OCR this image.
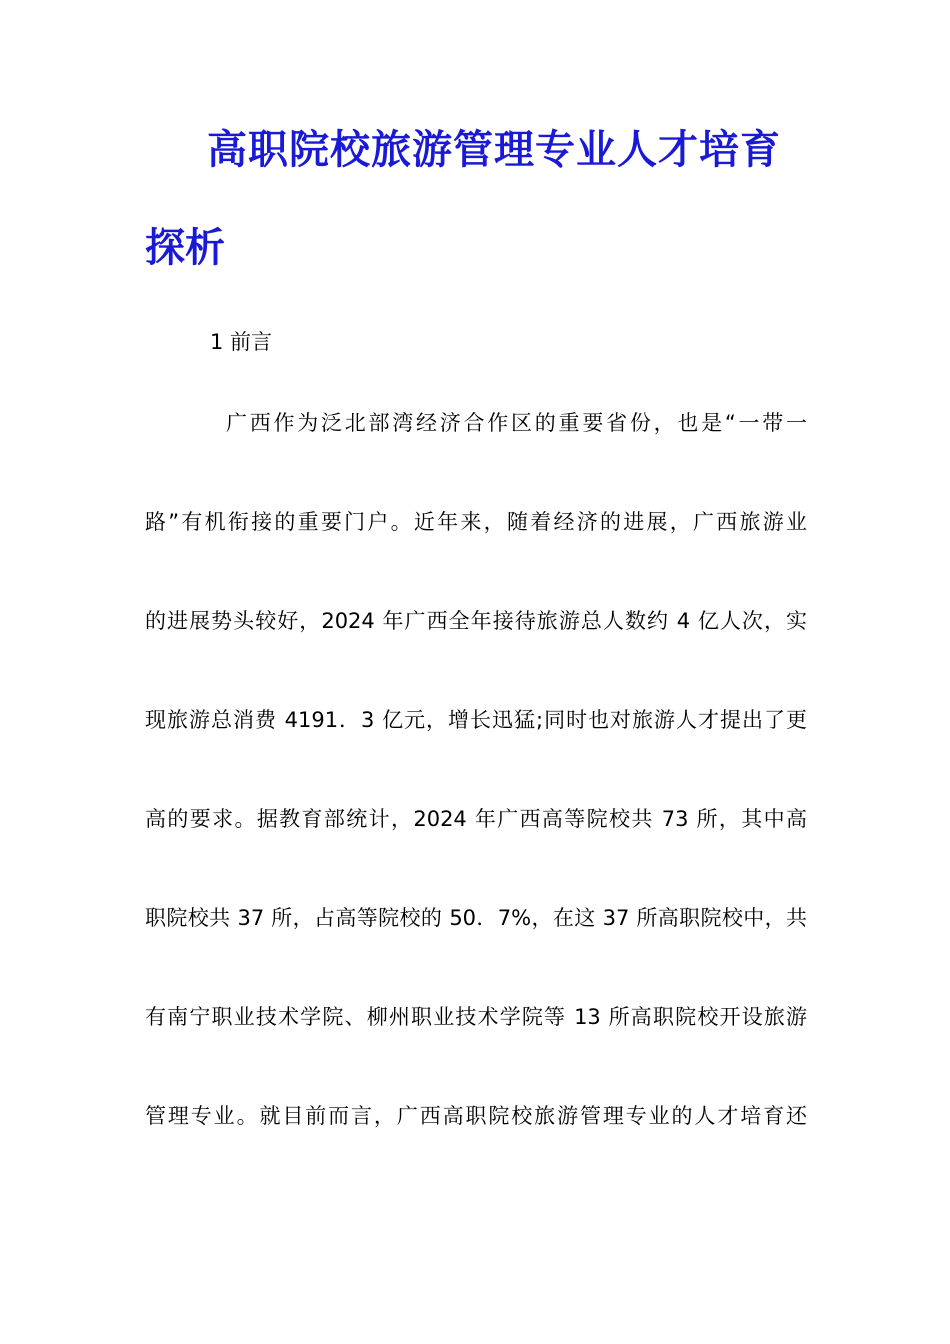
高职院校旅游管理专业人才培育
探析
1 前言
广西作为泛北部湾经济合作区的重要省份，也是“一带一
路”有机衔接的重要门户。近年来，随着经济的进展，广西旅游业
的进展势头较好，2024 年广西全年接待旅游总人数约 4 亿人次，实
现旅游总消费 4191．3 亿元，增长迅猛;同时也对旅游人才提出了更
高的要求。据教育部统计，2024 年广西高等院校共 73 所，其中高
职院校共 37 所，占高等院校的 50．7%，在这 37 所高职院校中，共
有南宁职业技术学院、柳州职业技术学院等 13 所高职院校开设旅游
管理专业。就目前而言，广西高职院校旅游管理专业的人才培育还
